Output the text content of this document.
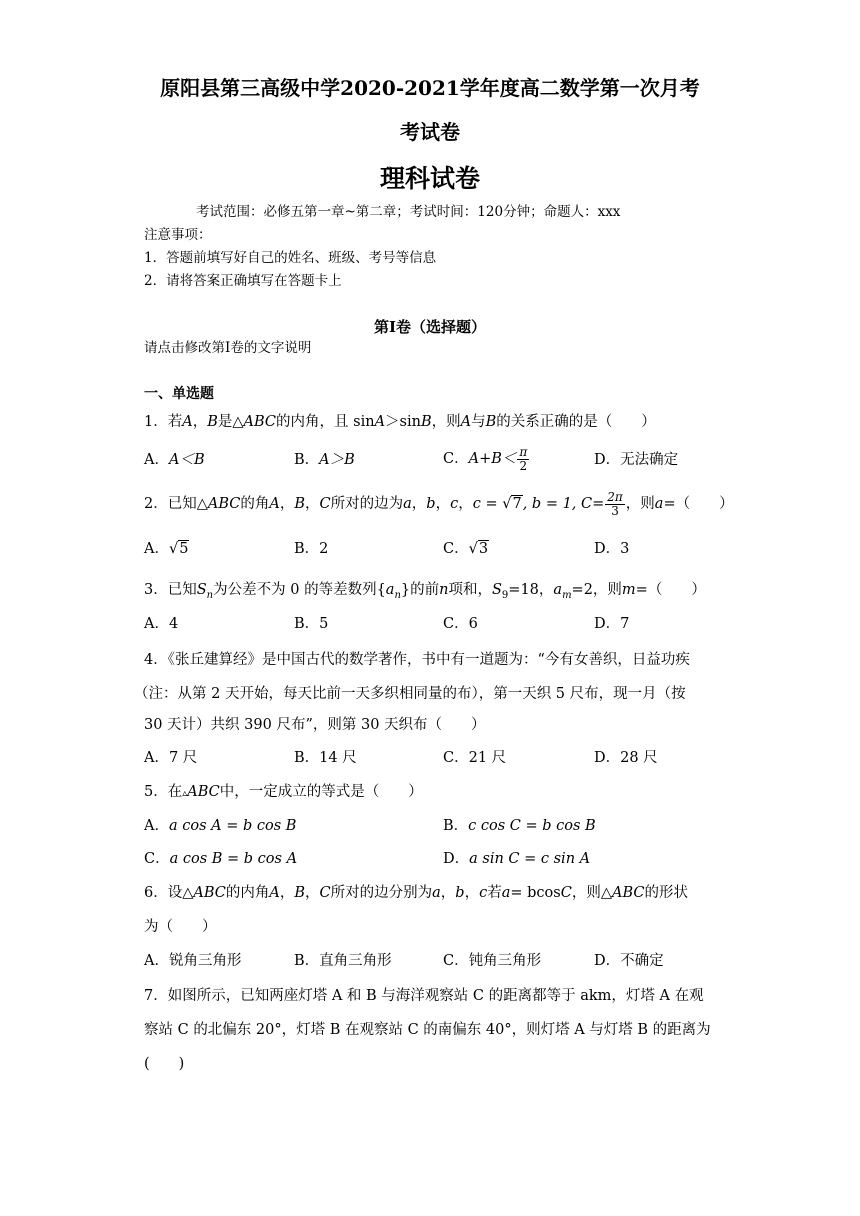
原阳县第三高级中学2020-2021学年度高二数学第一次月考
考试卷
理科试卷
考试范围：必修五第一章~第二章；考试时间：120分钟；命题人：xxx
注意事项：
1．答题前填写好自己的姓名、班级、考号等信息
2．请将答案正确填写在答题卡上
第I卷（选择题）
请点击修改第I卷的文字说明
一、单选题
1．若A，B是△ABC的内角，且 sinA＞sinB，则A与B的关系正确的是（　　）
A．A＜B	B．A＞B	C．$A+B< \frac{\pi}{2}$	D．无法确定
2．已知△ABC的角A，B，C所对的边为a，b，c，c = √7, b = 1, $C= \frac{2\pi}{3}$ ，则a=（　　）
A．√5	B．2	C．√3	D．3
3．已知$S_n$为公差不为 0 的等差数列$\{a_n\}$的前n项和，$S_9=18$，$a_m=2$，则m=（　　）
A．4	B．5	C．6	D．7
4．《张丘建算经》是中国古代的数学著作，书中有一道题为：“今有女善织，日益功疾
（注：从第 2 天开始，每天比前一天多织相同量的布），第一天织 5 尺布，现一月（按
30 天计）共织 390 尺布”，则第 30 天织布（　　）
A．7 尺	B．14 尺	C．21 尺	D．28 尺
5．在▵ABC中，一定成立的等式是（　　）
A．a cos A = b cos B	B．c cos C = b cos B
C．a cos B = b cos A	D．a sin C = c sin A
6．设△ABC的内角A，B，C所对的边分别为a，b，c若a= bcosC，则△ABC的形状
为（　　）
A．锐角三角形	B．直角三角形	C．钝角三角形	D．不确定
7．如图所示，已知两座灯塔 A 和 B 与海洋观察站 C 的距离都等于 akm，灯塔 A 在观
察站 C 的北偏东 20°，灯塔 B 在观察站 C 的南偏东 40°，则灯塔 A 与灯塔 B 的距离为
(　　)
